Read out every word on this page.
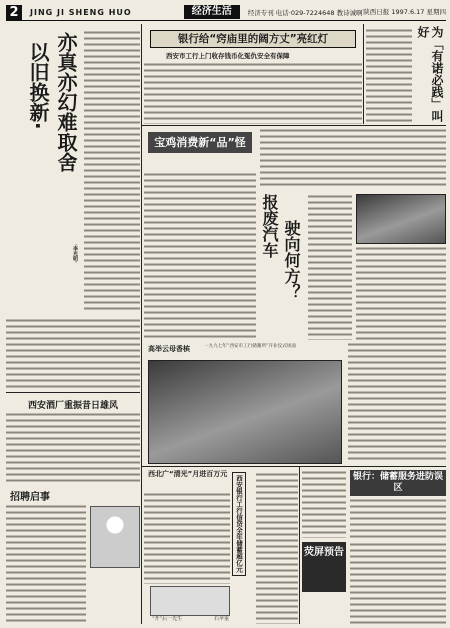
2	JING JI SHENG HUO	经济生活	经济专刊 电话·029-7224648 教诗诚啊 陕西日报 1997.6.17 星期四
亦真亦幻难取舍
以旧换新·
·李光明·
银行给“窍庙里的阔方丈”亮红灯
西安市工行上门收存钱币化冤仇安全有保障	为「有诺必践」叫好
宝鸡消费新“品”怪
报废汽车 驶向何方？
高举云母香槟	一九九七年“西安市工行储蓄所”开业仪式场面
西安酒厂重振昔日雄风
招聘启事
西北广“清光”月进百万元
西安银行工行信贷全年储蓄超亿元
“开”后一先生	石苹重
银行：储蓄服务进防误区
荧屏预告
